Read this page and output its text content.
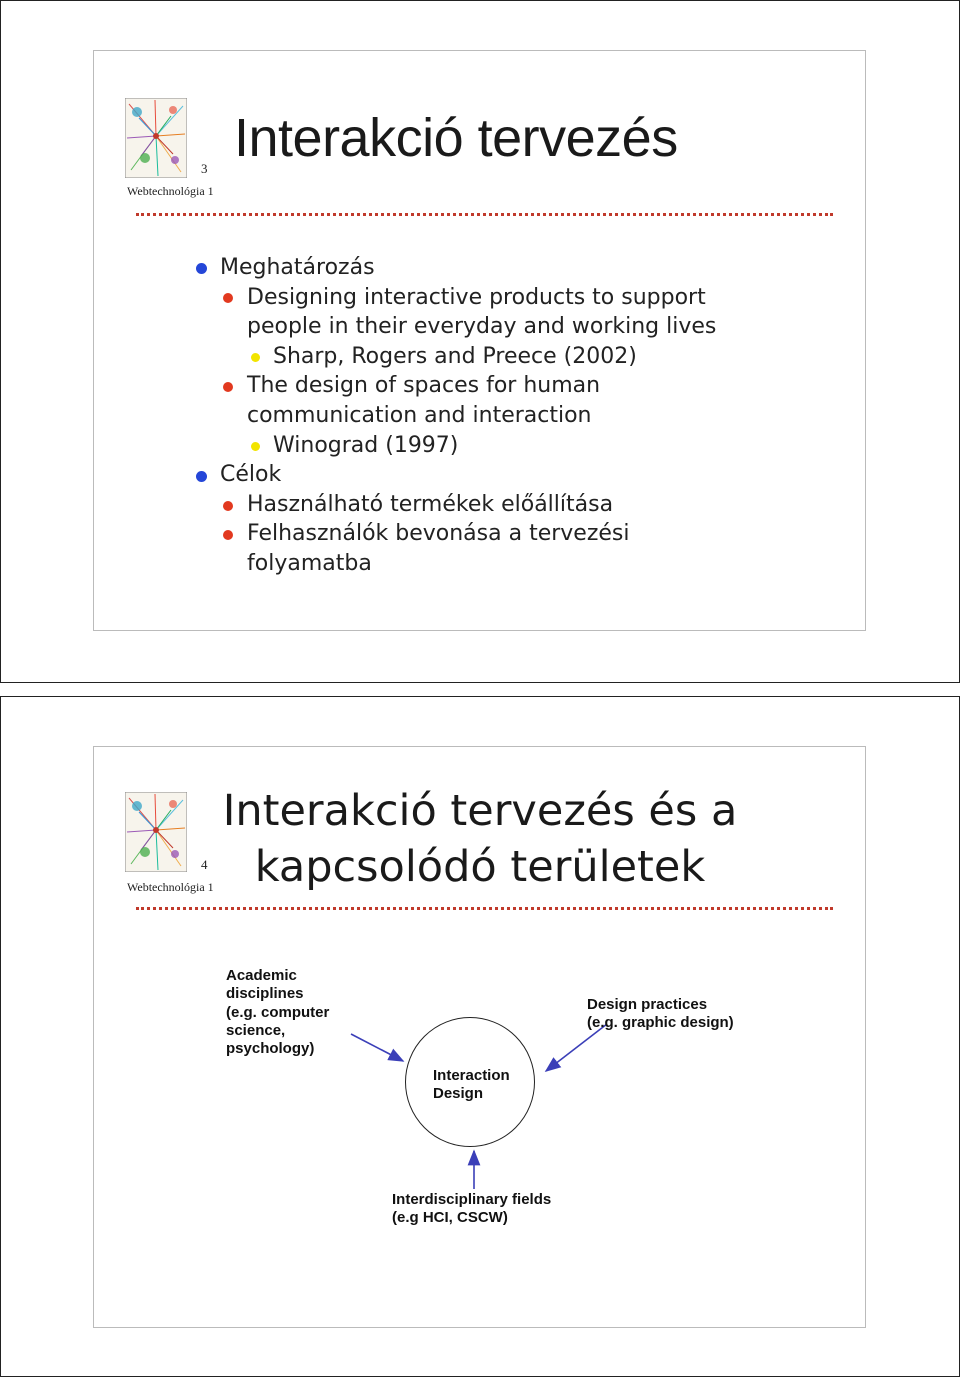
3
Webtechnológia 1
Interakció tervezés
Meghatározás
Designing interactive products to support
people in their everyday and working lives
Sharp, Rogers and Preece (2002)
The design of spaces for human
communication and interaction
Winograd (1997)
Célok
Használható termékek előállítása
Felhasználók bevonása a tervezési
folyamatba
4
Webtechnológia 1
Interakció tervezés és a
kapcsolódó területek
Interaction
Design
Academic
disciplines
(e.g. computer
science,
psychology)
Design practices
(e.g. graphic design)
Interdisciplinary fields
(e.g HCI, CSCW)
